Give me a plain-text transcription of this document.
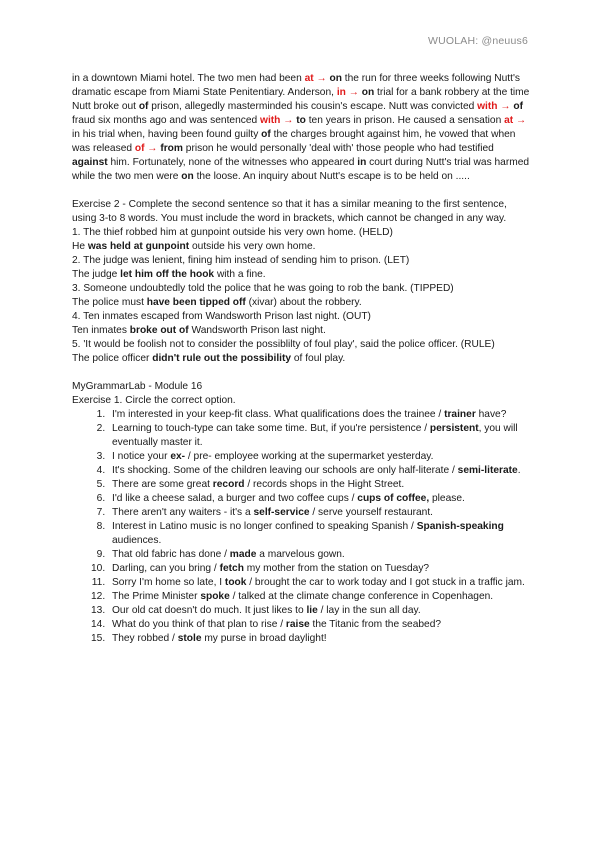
WUOLAH: @neuus6

in a downtown Miami hotel. The two men had been at → on the run for three weeks following Nutt's dramatic escape from Miami State Penitentiary. Anderson, in → on trial for a bank robbery at the time Nutt broke out of prison, allegedly masterminded his cousin's escape. Nutt was convicted with → of fraud six months ago and was sentenced with → to ten years in prison. He caused a sensation at → in his trial when, having been found guilty of the charges brought against him, he vowed that when was released of → from prison he would personally 'deal with' those people who had testified against him. Fortunately, none of the witnesses who appeared in court during Nutt's trial was harmed while the two men were on the loose. An inquiry about Nutt's escape is to be held on .....

Exercise 2 - Complete the second sentence so that it has a similar meaning to the first sentence, using 3-to 8 words. You must include the word in brackets, which cannot be changed in any way.

1. The thief robbed him at gunpoint outside his very own home. (HELD)

He was held at gunpoint outside his very own home.

2. The judge was lenient, fining him instead of sending him to prison. (LET)

The judge let him off the hook with a fine.

3. Someone undoubtedly told the police that he was going to rob the bank. (TIPPED)

The police must have been tipped off (xivar) about the robbery.

4. Ten inmates escaped from Wandsworth Prison last night. (OUT)

Ten inmates broke out of Wandsworth Prison last night.

5. 'It would be foolish not to consider the possiblilty of foul play', said the police officer. (RULE)

The police officer didn't rule out the possibility of foul play.

MyGrammarLab - Module 16

Exercise 1. Circle the correct option.

1. I'm interested in your keep-fit class. What qualifications does the trainee / trainer have?
2. Learning to touch-type can take some time. But, if you're persistence / persistent, you will eventually master it.
3. I notice your ex- / pre- employee working at the supermarket yesterday.
4. It's shocking. Some of the children leaving our schools are only half-literate / semi-literate.
5. There are some great record / records shops in the Hight Street.
6. I'd like a cheese salad, a burger and two coffee cups / cups of coffee, please.
7. There aren't any waiters - it's a self-service / serve yourself restaurant.
8. Interest in Latino music is no longer confined to speaking Spanish / Spanish-speaking audiences.
9. That old fabric has done / made a marvelous gown.
10. Darling, can you bring / fetch my mother from the station on Tuesday?
11. Sorry I'm home so late, I took / brought the car to work today and I got stuck in a traffic jam.
12. The Prime Minister spoke / talked at the climate change conference in Copenhagen.
13. Our old cat doesn't do much. It just likes to lie / lay in the sun all day.
14. What do you think of that plan to rise / raise the Titanic from the seabed?
15. They robbed / stole my purse in broad daylight!
